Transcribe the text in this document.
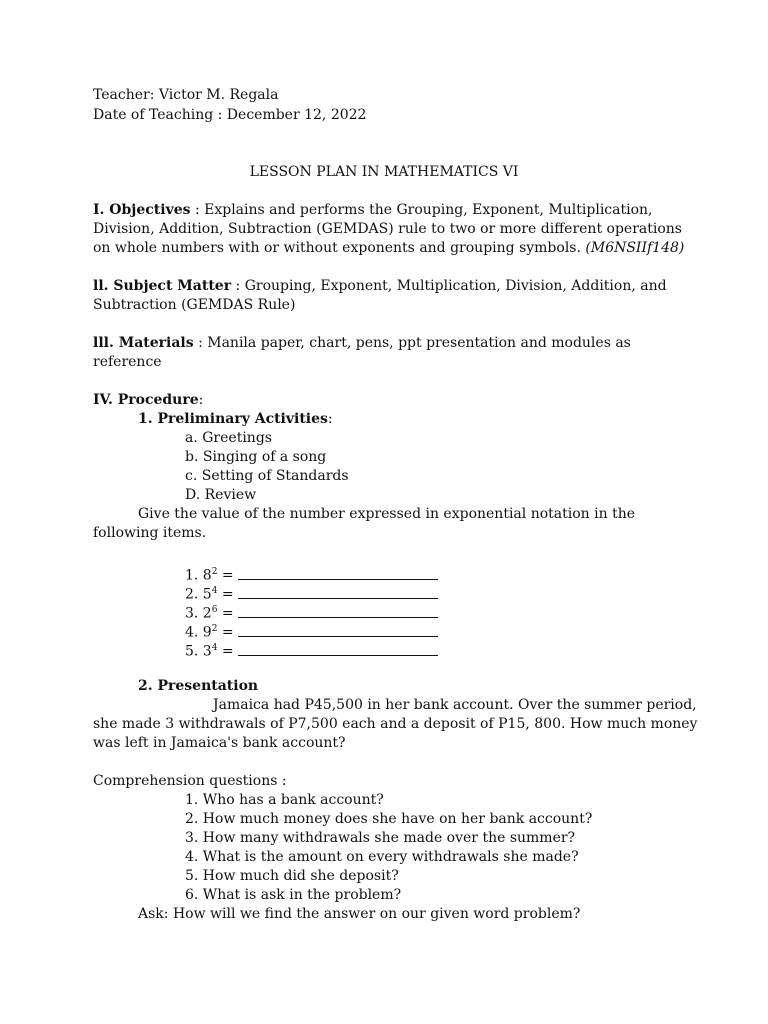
Teacher: Victor M. Regala
Date of Teaching : December 12, 2022
LESSON PLAN IN MATHEMATICS VI
I. Objectives : Explains and performs the Grouping, Exponent, Multiplication,
Division, Addition, Subtraction (GEMDAS) rule to two or more different operations
on whole numbers with or without exponents and grouping symbols. (M6NSIIf148)
ll. Subject Matter : Grouping, Exponent, Multiplication, Division, Addition, and
Subtraction (GEMDAS Rule)
lll. Materials : Manila paper, chart, pens, ppt presentation and modules as
reference
IV. Procedure:
1. Preliminary Activities:
a. Greetings
b. Singing of a song
c. Setting of Standards
D. Review
Give the value of the number expressed in exponential notation in the
following items.
1. $8^2$ =
2. $5^4$ =
3. $2^6$ =
4. $9^2$ =
5. $3^4$ =
2. Presentation
Jamaica had P45,500 in her bank account. Over the summer period,
she made 3 withdrawals of P7,500 each and a deposit of P15, 800. How much money
was left in Jamaica's bank account?
Comprehension questions :
1. Who has a bank account?
2. How much money does she have on her bank account?
3. How many withdrawals she made over the summer?
4. What is the amount on every withdrawals she made?
5. How much did she deposit?
6. What is ask in the problem?
Ask: How will we find the answer on our given word problem?
